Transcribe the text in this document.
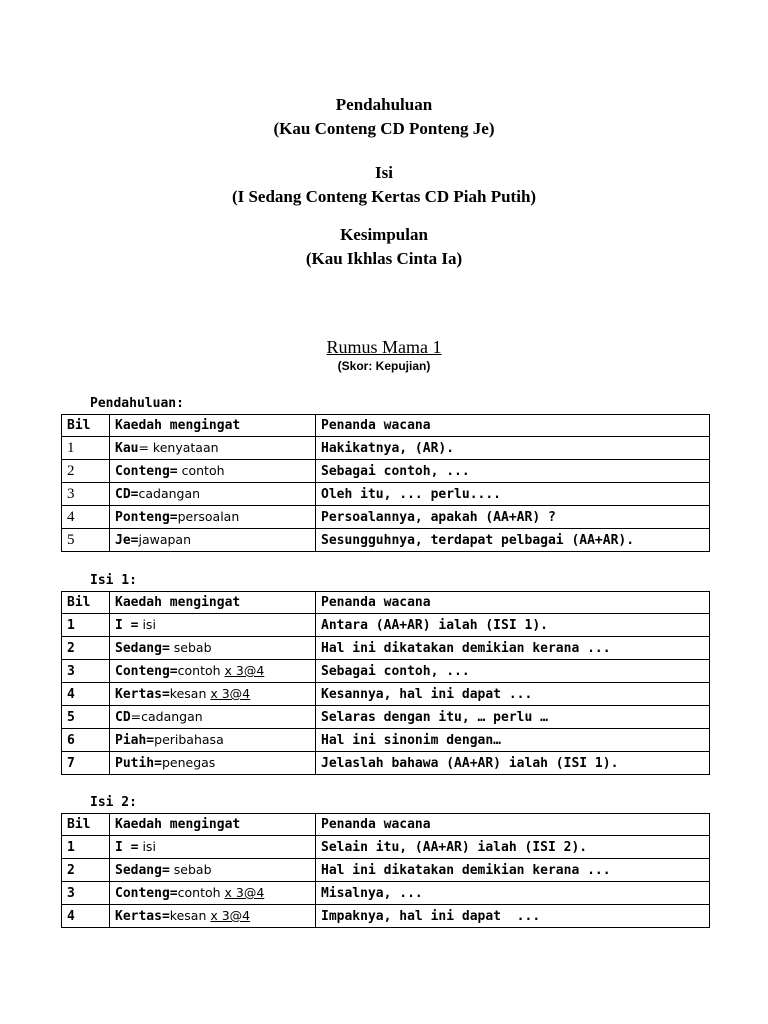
Pendahuluan
(Kau Conteng CD Ponteng Je)
Isi
(I Sedang Conteng Kertas CD Piah Putih)
Kesimpulan
(Kau Ikhlas Cinta Ia)
Rumus Mama 1
(Skor: Kepujian)
Pendahuluan:
Bil	Kaedah mengingat	Penanda wacana
1	Kau= kenyataan	Hakikatnya, (AR).
2	Conteng= contoh	Sebagai contoh, ...
3	CD=cadangan	Oleh itu, ... perlu....
4	Ponteng=persoalan	Persoalannya, apakah (AA+AR) ?
5	Je=jawapan	Sesungguhnya, terdapat pelbagai (AA+AR).
Isi 1:
Bil	Kaedah mengingat	Penanda wacana
1	I = isi	Antara (AA+AR) ialah (ISI 1).
2	Sedang= sebab	Hal ini dikatakan demikian kerana ...
3	Conteng=contoh x 3@4	Sebagai contoh, ...
4	Kertas=kesan x 3@4	Kesannya, hal ini dapat ...
5	CD=cadangan	Selaras dengan itu, … perlu …
6	Piah=peribahasa	Hal ini sinonim dengan…
7	Putih=penegas	Jelaslah bahawa (AA+AR) ialah (ISI 1).
Isi 2:
Bil	Kaedah mengingat	Penanda wacana
1	I = isi	Selain itu, (AA+AR) ialah (ISI 2).
2	Sedang= sebab	Hal ini dikatakan demikian kerana ...
3	Conteng=contoh x 3@4	Misalnya, ...
4	Kertas=kesan x 3@4	Impaknya, hal ini dapat  ...
